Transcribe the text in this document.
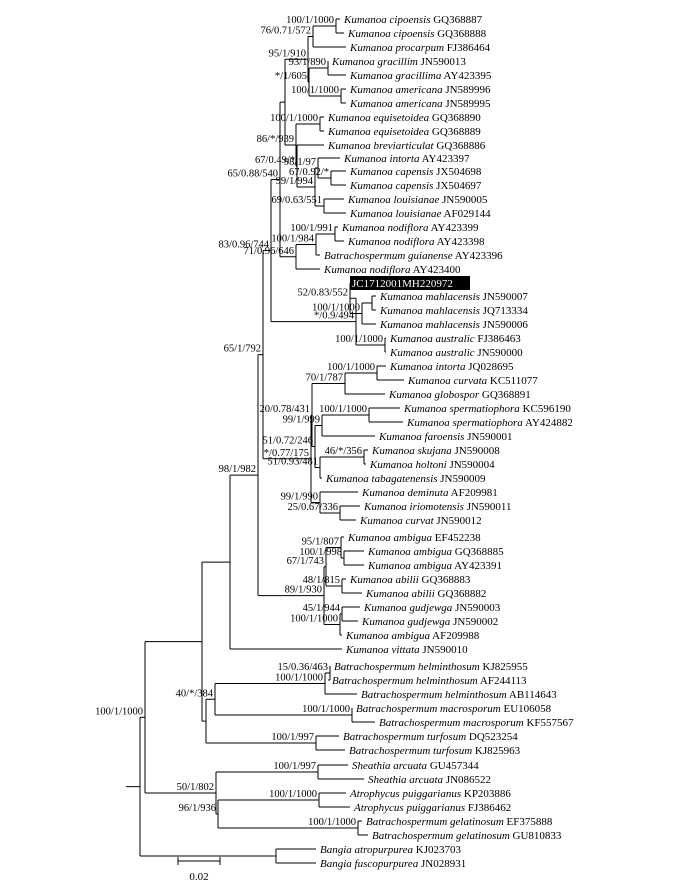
Kumanoa cipoensis GQ368887
Kumanoa cipoensis GQ368888
Kumanoa procarpum FJ386464
Kumanoa gracillim JN590013
Kumanoa gracillima AY423395
Kumanoa americana JN589996
Kumanoa americana JN589995
Kumanoa equisetoidea GQ368890
Kumanoa equisetoidea GQ368889
Kumanoa breviarticulat GQ368886
Kumanoa intorta AY423397
Kumanoa capensis JX504698
Kumanoa capensis JX504697
Kumanoa louisianae JN590005
Kumanoa louisianae AF029144
Kumanoa nodiflora AY423399
Kumanoa nodiflora AY423398
Batrachospermum guianense AY423396
Kumanoa nodiflora AY423400
JC1712001MH220972
Kumanoa mahlacensis JN590007
Kumanoa mahlacensis JQ713334
Kumanoa mahlacensis JN590006
Kumanoa australic FJ386463
Kumanoa australic JN590000
Kumanoa intorta JQ028695
Kumanoa curvata KC511077
Kumanoa globospor GQ368891
Kumanoa spermatiophora KC596190
Kumanoa spermatiophora AY424882
Kumanoa faroensis JN590001
Kumanoa skujana JN590008
Kumanoa holtoni JN590004
Kumanoa tabagatenensis JN590009
Kumanoa deminuta AF209981
Kumanoa iriomotensis JN590011
Kumanoa curvat JN590012
Kumanoa ambigua EF452238
Kumanoa ambigua GQ368885
Kumanoa ambigua AY423391
Kumanoa abilii GQ368883
Kumanoa abilii GQ368882
Kumanoa gudjewga JN590003
Kumanoa gudjewga JN590002
Kumanoa ambigua AF209988
Kumanoa vittata JN590010
Batrachospermum helminthosum KJ825955
Batrachospermum helminthosum AF244113
Batrachospermum helminthosum AB114643
Batrachospermum macrosporum EU106058
Batrachospermum macrosporum KF557567
Batrachospermum turfosum DQ523254
Batrachospermum turfosum KJ825963
Sheathia arcuata GU457344
Sheathia arcuata JN086522
Atrophycus puiggarianus KP203886
Atrophycus puiggarianus FJ386462
Batrachospermum gelatinosum EF375888
Batrachospermum gelatinosum GU810833
Bangia atropurpurea KJ023703
Bangia fuscopurpurea JN028931
100/1/1000
76/0.71/572
93/1/890
100/1/1000
*/1/605
95/1/910
100/1/1000
67/0.92/*
98/1/97
69/0.63/551
99/1/994
67/0.49/*
86/*/939
100/1/991
100/1/984
71/0.96/646
65/0.88/540
100/1/1000
52/0.83/552
100/1/1000
*/0.9/494
83/0.96/744
100/1/1000
70/1/787
100/1/1000
99/1/999
46/*/356
51/0.93/481
51/0.72/246
20/0.78/431
25/0.67/336
99/1/990
*/0.77/175
65/1/792
100/1/998
95/1/807
48/1/815
67/1/743
45/1/944
100/1/1000
89/1/930
98/1/982
15/0.36/463
100/1/1000
100/1/1000
40/*/384
100/1/997
100/1/997
100/1/1000
100/1/1000
96/1/936
50/1/802
100/1/1000
0.02
